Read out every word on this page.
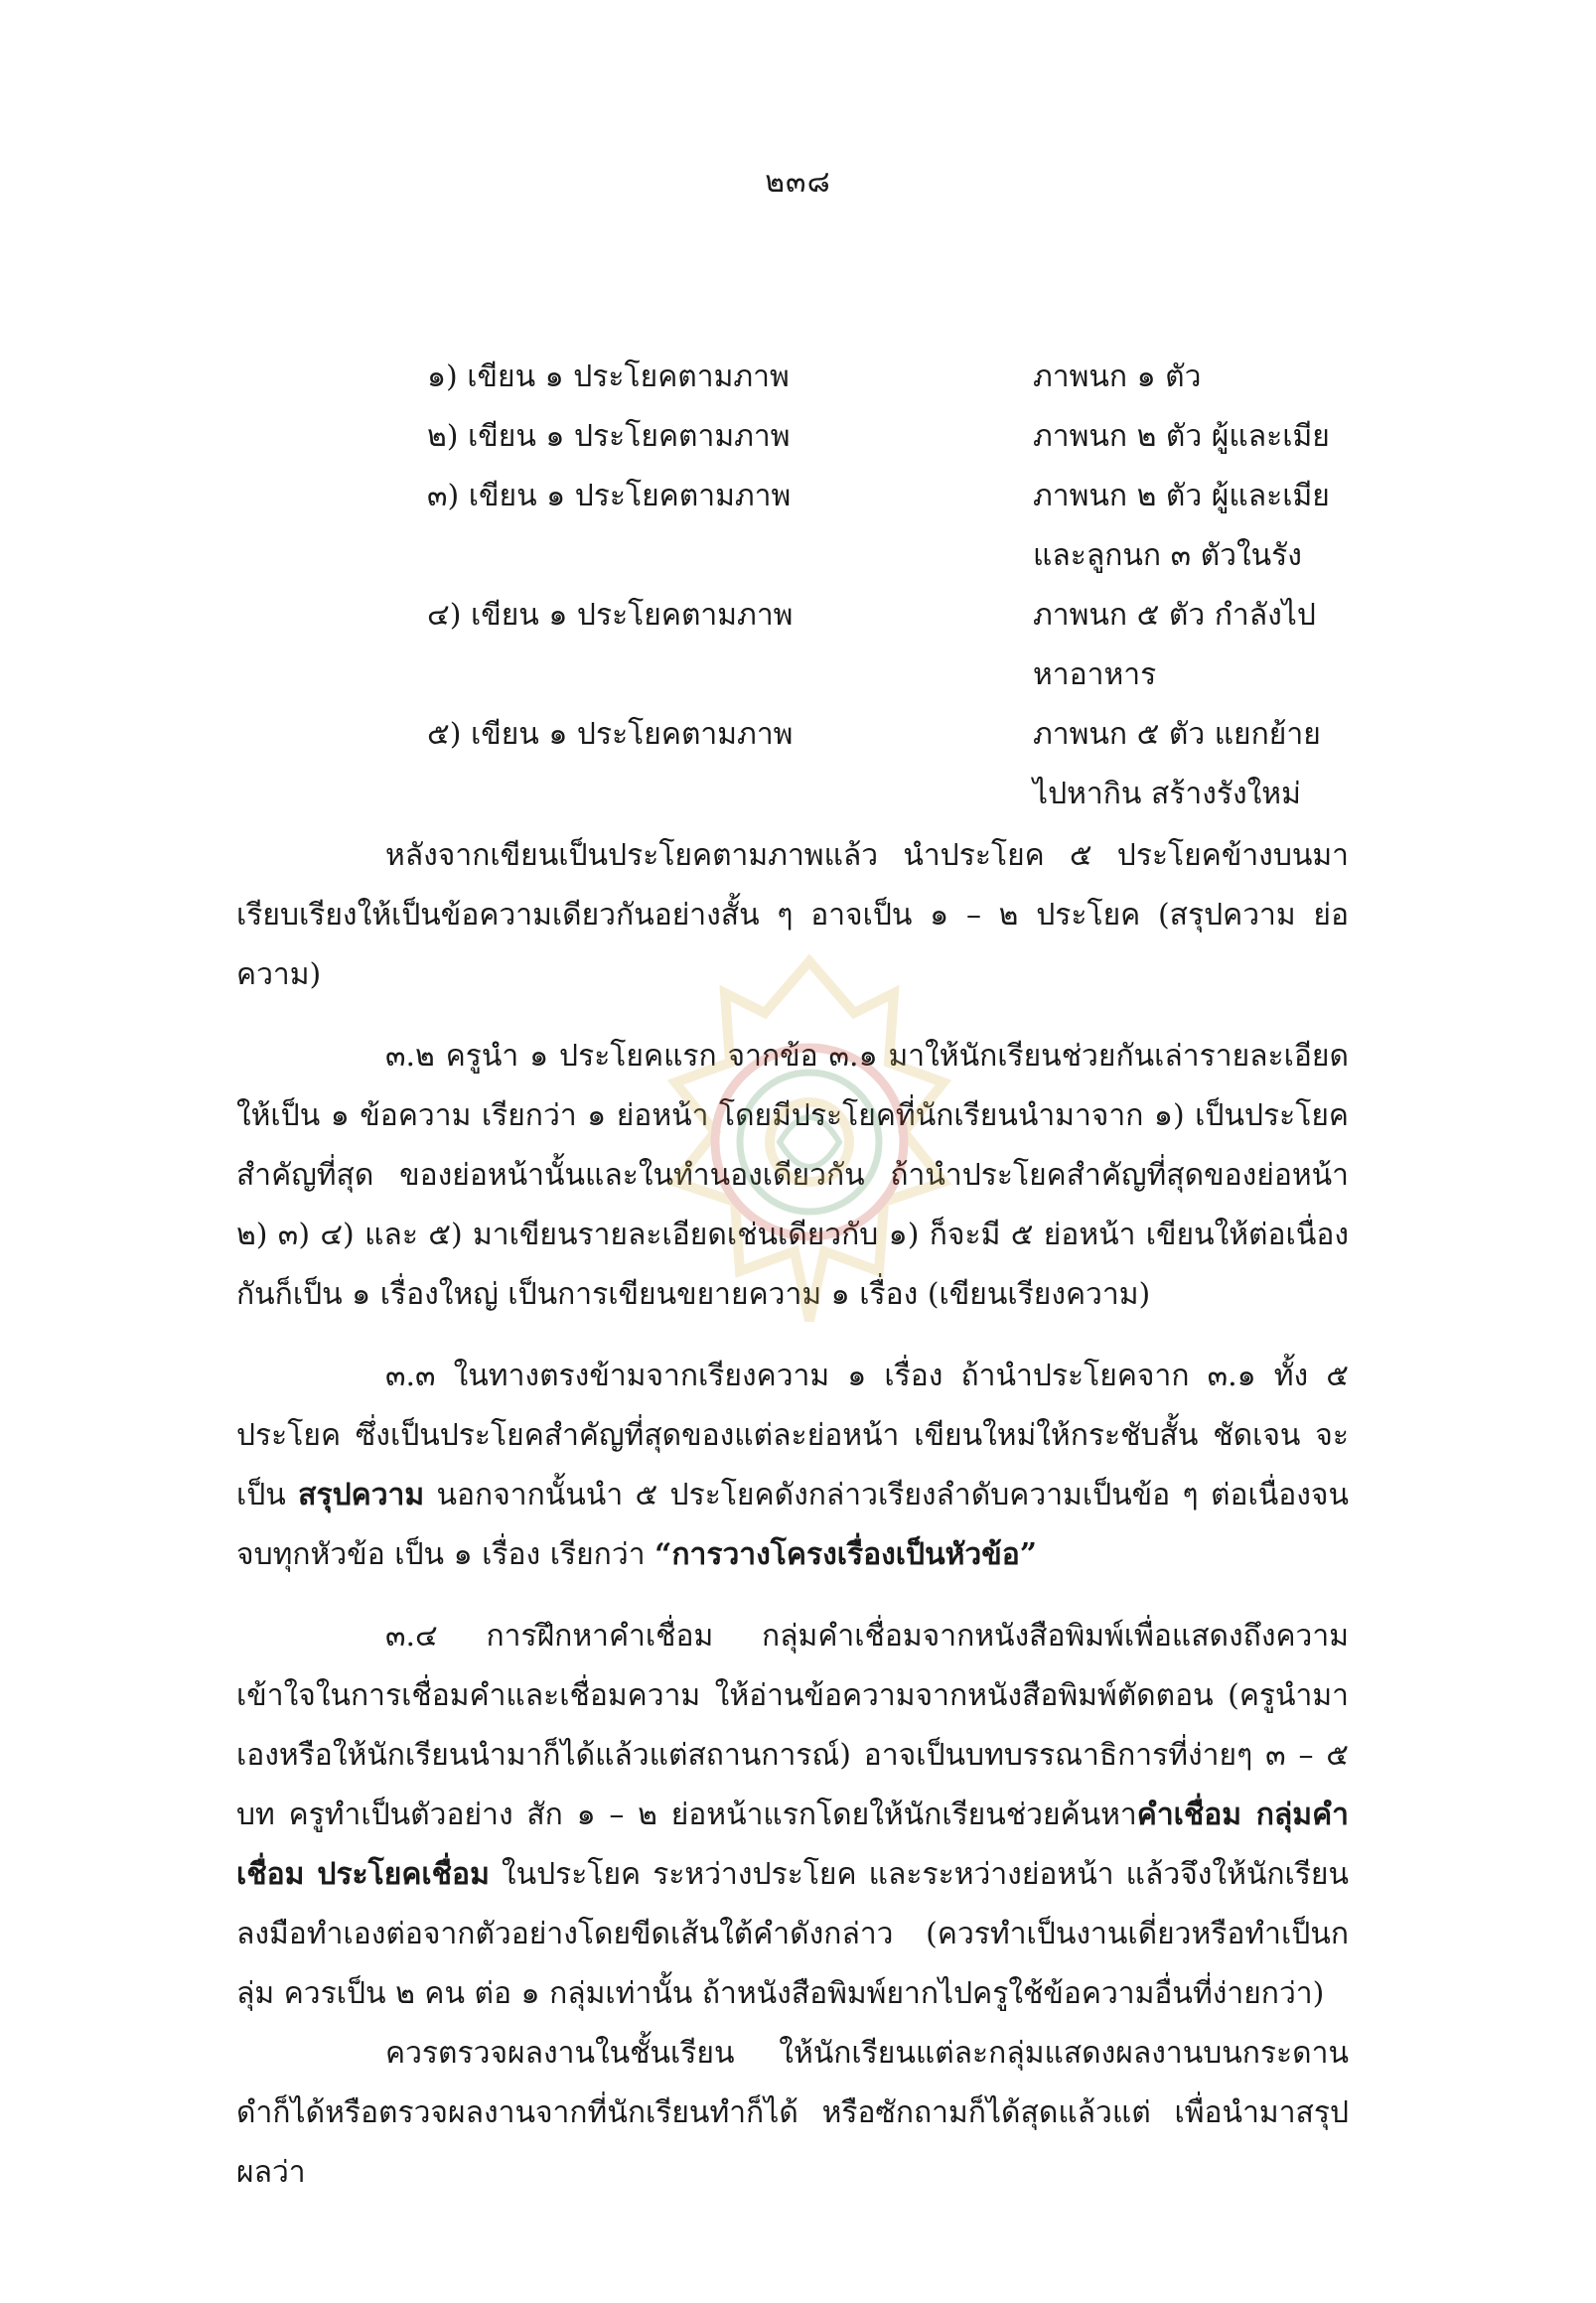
๒๓๘
๑) เขียน ๑ ประโยคตามภาพ	ภาพนก ๑ ตัว
๒) เขียน ๑ ประโยคตามภาพ	ภาพนก ๒ ตัว ผู้และเมีย
๓) เขียน ๑ ประโยคตามภาพ	ภาพนก ๒ ตัว ผู้และเมีย
และลูกนก ๓ ตัวในรัง
๔) เขียน ๑ ประโยคตามภาพ	ภาพนก ๕ ตัว กำลังไป
หาอาหาร
๕) เขียน ๑ ประโยคตามภาพ	ภาพนก ๕ ตัว แยกย้าย
ไปหากิน สร้างรังใหม่

หลังจากเขียนเป็นประโยคตามภาพแล้ว นำประโยค ๕ ประโยคข้างบนมาเรียบเรียงให้เป็นข้อความเดียวกันอย่างสั้น ๆ อาจเป็น ๑ – ๒ ประโยค (สรุปความ ย่อความ)

๓.๒ ครูนำ ๑ ประโยคแรก จากข้อ ๓.๑ มาให้นักเรียนช่วยกันเล่ารายละเอียดให้เป็น ๑ ข้อความ เรียกว่า ๑ ย่อหน้า โดยมีประโยคที่นักเรียนนำมาจาก ๑) เป็นประโยคสำคัญที่สุด ของย่อหน้านั้นและในทำนองเดียวกัน ถ้านำประโยคสำคัญที่สุดของย่อหน้า ๒) ๓) ๔) และ ๕) มาเขียนรายละเอียดเช่นเดียวกับ ๑) ก็จะมี ๕ ย่อหน้า เขียนให้ต่อเนื่องกันก็เป็น ๑ เรื่องใหญ่ เป็นการเขียนขยายความ ๑ เรื่อง (เขียนเรียงความ)

๓.๓ ในทางตรงข้ามจากเรียงความ ๑ เรื่อง ถ้านำประโยคจาก ๓.๑ ทั้ง ๕ ประโยค ซึ่งเป็นประโยคสำคัญที่สุดของแต่ละย่อหน้า เขียนใหม่ให้กระชับสั้น ชัดเจน จะเป็น สรุปความ นอกจากนั้นนำ ๕ ประโยคดังกล่าวเรียงลำดับความเป็นข้อ ๆ ต่อเนื่องจนจบทุกหัวข้อ เป็น ๑ เรื่อง เรียกว่า “การวางโครงเรื่องเป็นหัวข้อ”

๓.๔ การฝึกหาคำเชื่อม กลุ่มคำเชื่อมจากหนังสือพิมพ์เพื่อแสดงถึงความเข้าใจในการเชื่อมคำและเชื่อมความ ให้อ่านข้อความจากหนังสือพิมพ์ตัดตอน (ครูนำมาเองหรือให้นักเรียนนำมาก็ได้แล้วแต่สถานการณ์) อาจเป็นบทบรรณาธิการที่ง่ายๆ ๓ – ๕ บท ครูทำเป็นตัวอย่าง สัก ๑ – ๒ ย่อหน้าแรกโดยให้นักเรียนช่วยค้นหาคำเชื่อม กลุ่มคำเชื่อม ประโยคเชื่อม ในประโยค ระหว่างประโยค และระหว่างย่อหน้า แล้วจึงให้นักเรียนลงมือทำเองต่อจากตัวอย่างโดยขีดเส้นใต้คำดังกล่าว (ควรทำเป็นงานเดี่ยวหรือทำเป็นกลุ่ม ควรเป็น ๒ คน ต่อ ๑ กลุ่มเท่านั้น ถ้าหนังสือพิมพ์ยากไปครูใช้ข้อความอื่นที่ง่ายกว่า)

ควรตรวจผลงานในชั้นเรียน ให้นักเรียนแต่ละกลุ่มแสดงผลงานบนกระดานดำก็ได้หรือตรวจผลงานจากที่นักเรียนทำก็ได้ หรือซักถามก็ได้สุดแล้วแต่ เพื่อนำมาสรุปผลว่า
